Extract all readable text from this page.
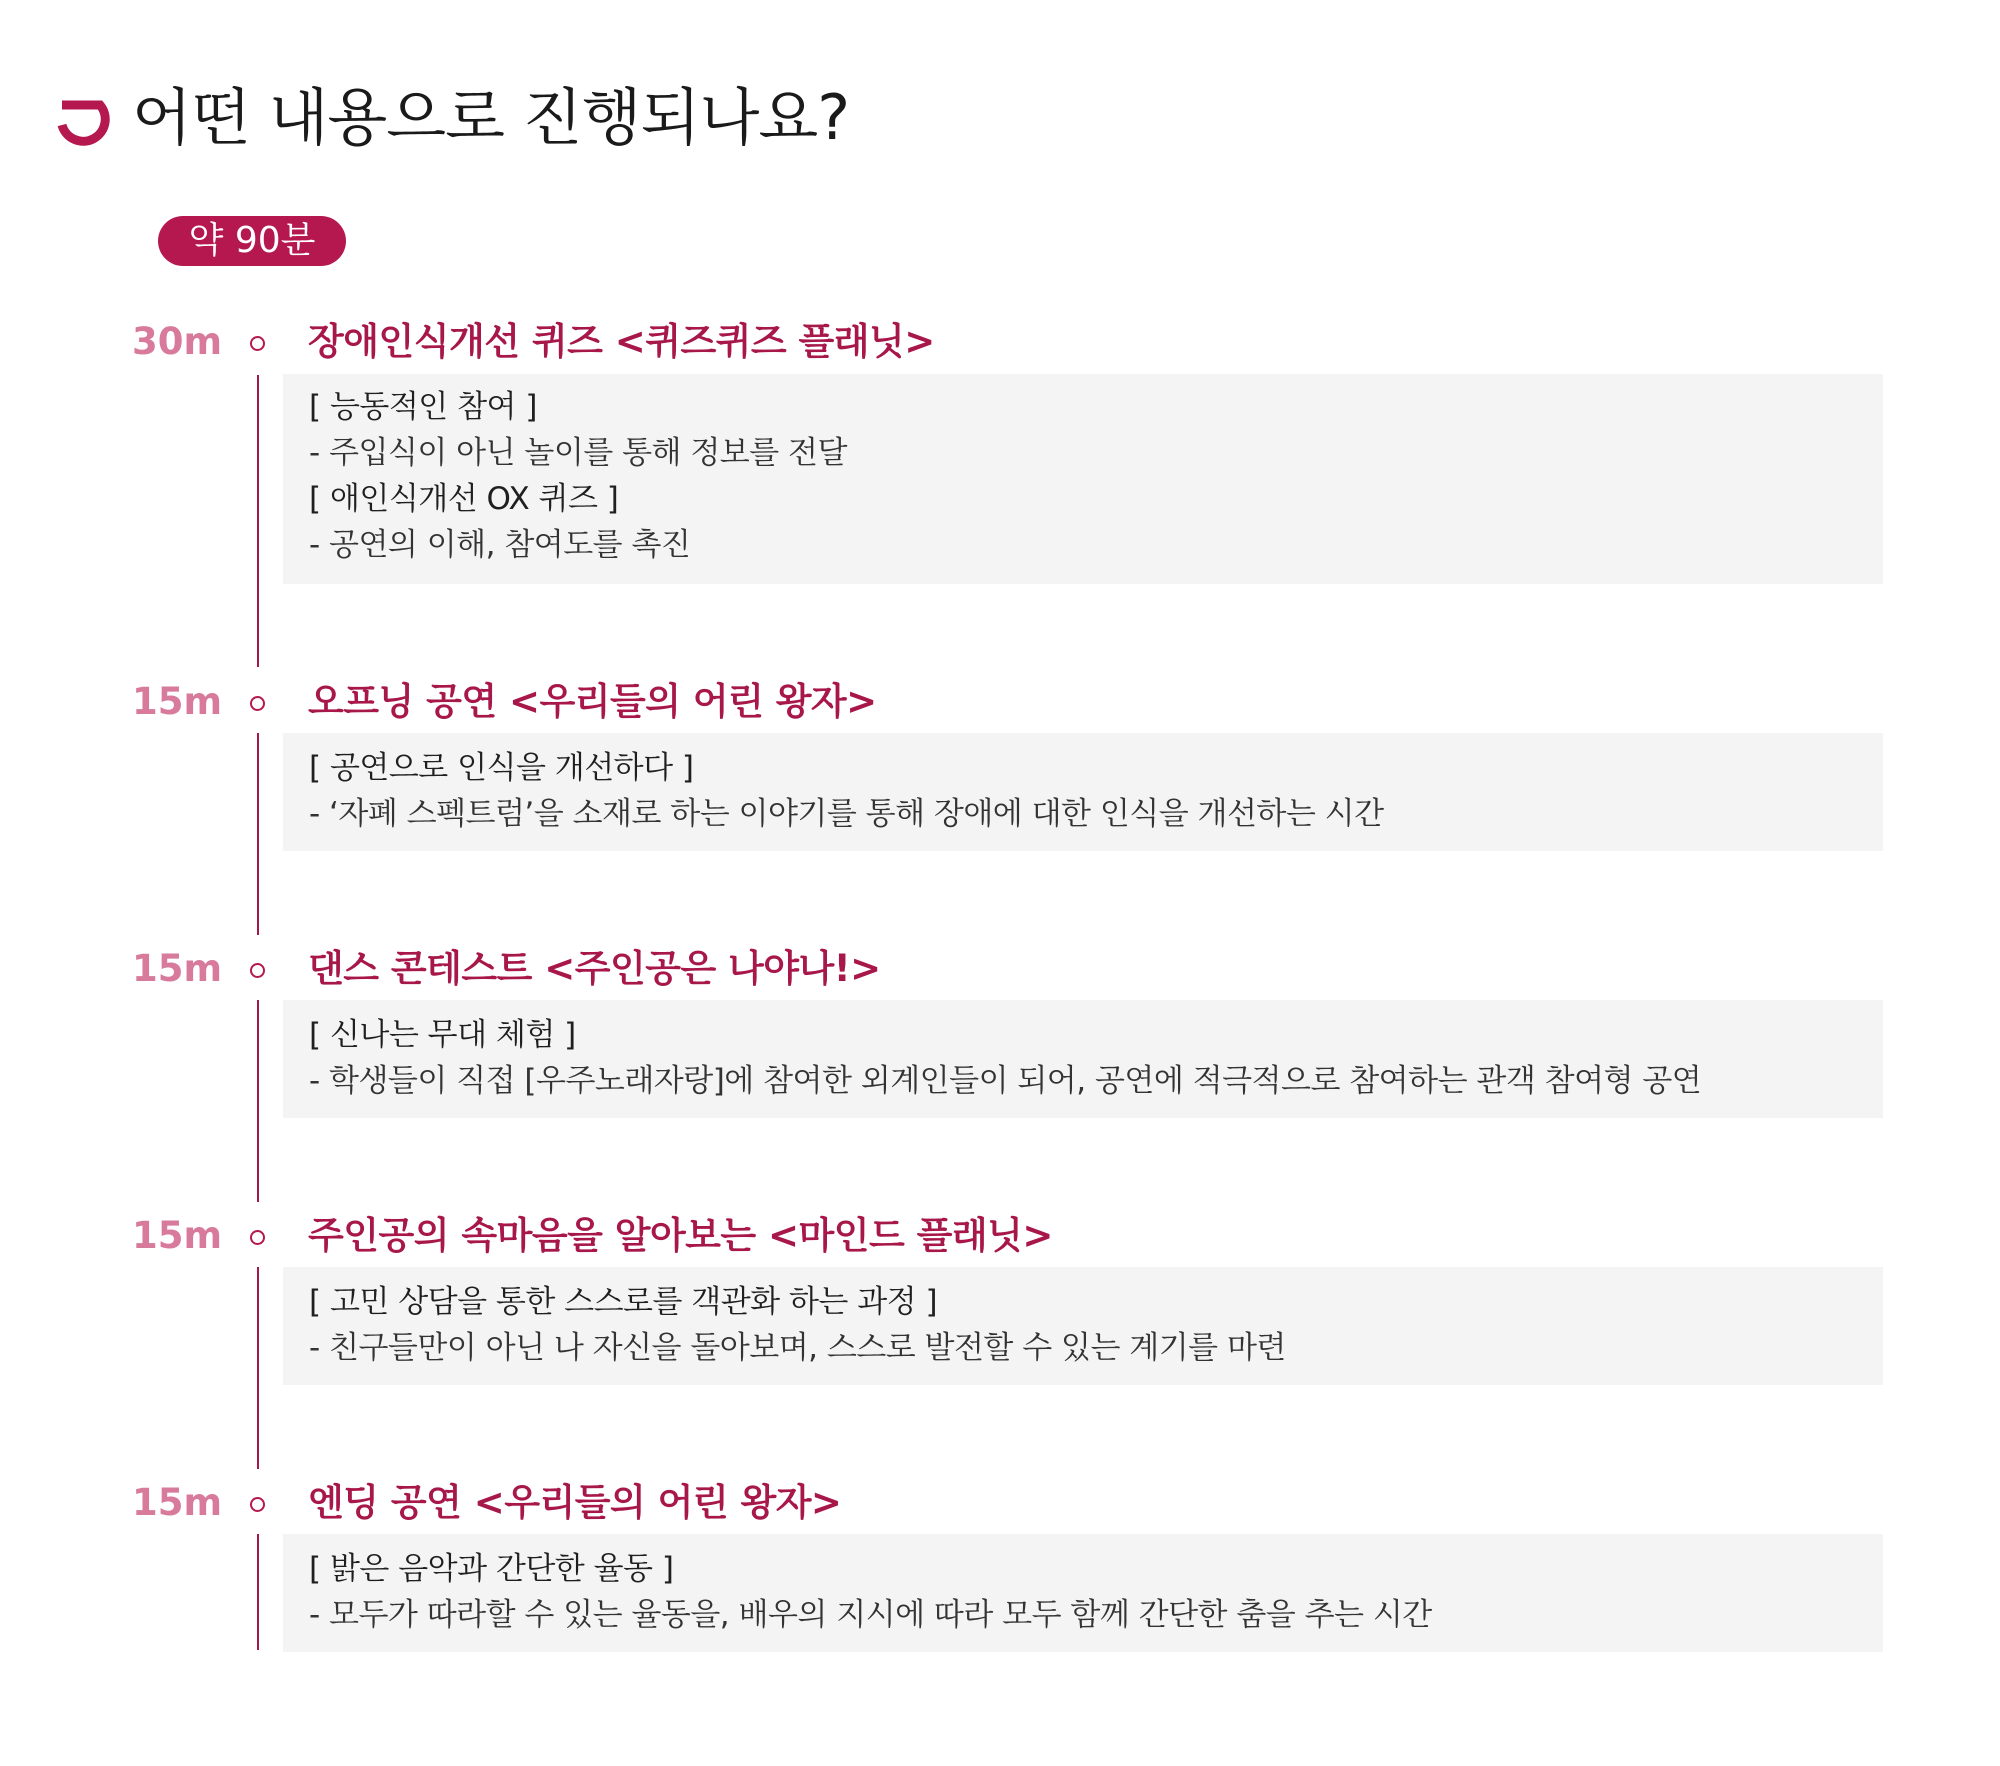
어떤 내용으로 진행되나요?
약 90분
30m 장애인식개선 퀴즈 <퀴즈퀴즈 플래닛>
[ 능동적인 참여 ]
- 주입식이 아닌 놀이를 통해 정보를 전달
[ 애인식개선 OX 퀴즈 ]
- 공연의 이해, 참여도를 촉진
15m 오프닝 공연 <우리들의 어린 왕자>
[ 공연으로 인식을 개선하다 ]
- ‘자폐 스펙트럼’을 소재로 하는 이야기를 통해 장애에 대한 인식을 개선하는 시간
15m 댄스 콘테스트 <주인공은 나야나!>
[ 신나는 무대 체험 ]
- 학생들이 직접 [우주노래자랑]에 참여한 외계인들이 되어, 공연에 적극적으로 참여하는 관객 참여형 공연
15m 주인공의 속마음을 알아보는 <마인드 플래닛>
[ 고민 상담을 통한 스스로를 객관화 하는 과정 ]
- 친구들만이 아닌 나 자신을 돌아보며, 스스로 발전할 수 있는 계기를 마련
15m 엔딩 공연 <우리들의 어린 왕자>
[ 밝은 음악과 간단한 율동 ]
- 모두가 따라할 수 있는 율동을, 배우의 지시에 따라 모두 함께 간단한 춤을 추는 시간
